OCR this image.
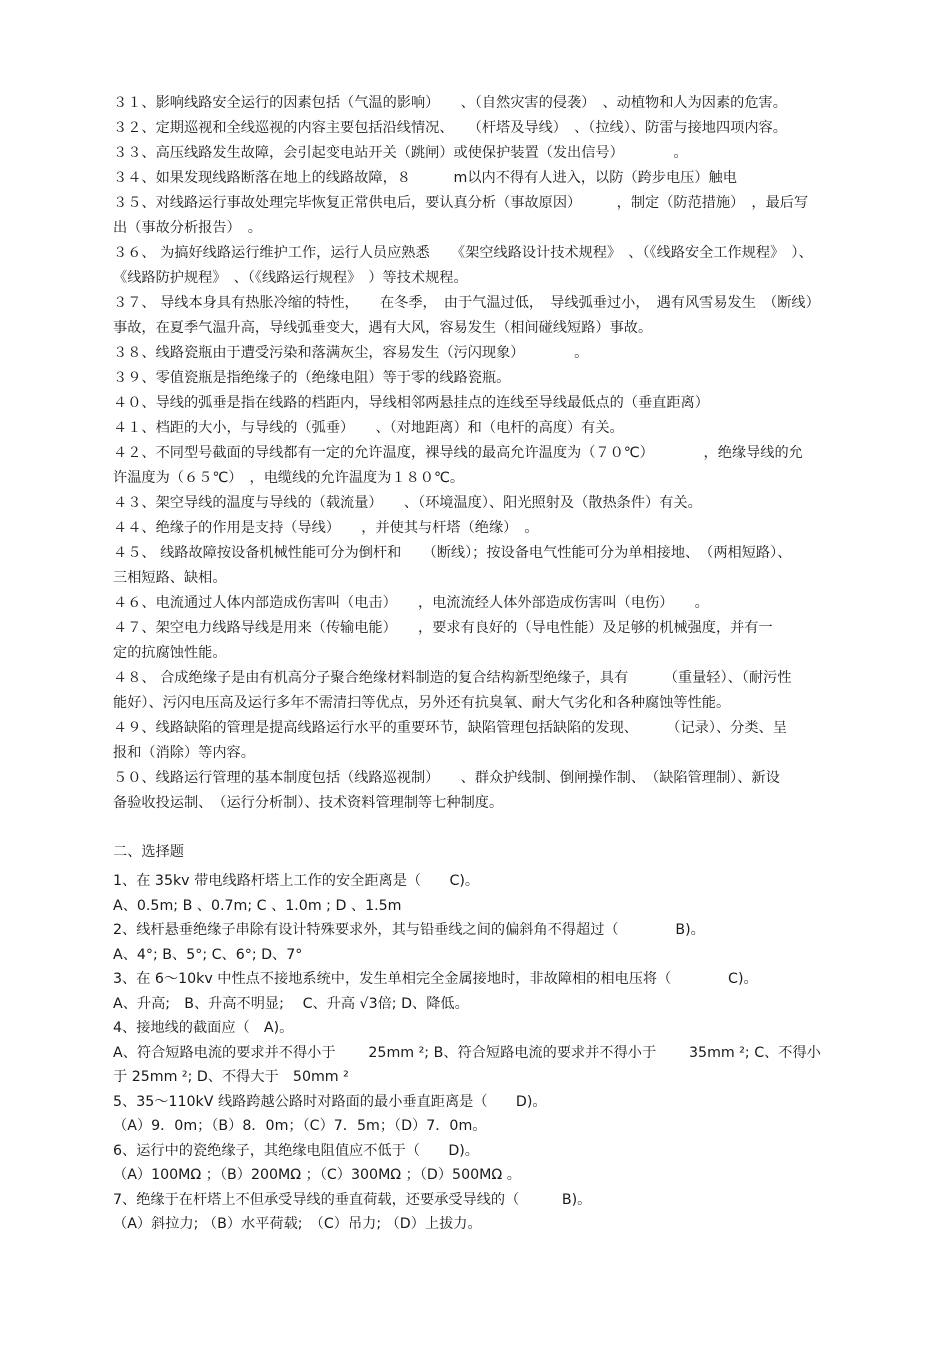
３１、影响线路安全运行的因素包括（气温的影响）　　、（自然灾害的侵袭）　、动植物和人为因素的危害。
３２、定期巡视和全线巡视的内容主要包括沿线情况、　　（杆塔及导线）　、（拉线）、防雷与接地四项内容。
３３、高压线路发生故障，会引起变电站开关（跳闸）或使保护装置（发出信号）　　　　。
３４、如果发现线路断落在地上的线路故障，８　　　m以内不得有人进入，以防（跨步电压）触电
３５、对线路运行事故处理完毕恢复正常供电后，要认真分析（事故原因）　　　，制定（防范措施）　，最后写
出（事故分析报告）　。
３６、 为搞好线路运行维护工作，运行人员应熟悉　　《架空线路设计技术规程》　、（《线路安全工作规程》　）、
《线路防护规程》　、（《线路运行规程》　）等技术规程。
３７、 导线本身具有热胀冷缩的特性，　　在冬季，　由于气温过低，　导线弧垂过小，　遇有风雪易发生　（断线）
事故，在夏季气温升高，导线弧垂变大，遇有大风，容易发生（相间碰线短路）事故。
３８、线路瓷瓶由于遭受污染和落满灰尘，容易发生（污闪现象）　　　　。
３９、零值瓷瓶是指绝缘子的（绝缘电阻）等于零的线路瓷瓶。
４０、导线的弧垂是指在线路的档距内，导线相邻两悬挂点的连线至导线最低点的（垂直距离）
４１、档距的大小，与导线的（弧垂）　　、（对地距离）和（电杆的高度）有关。
４２、不同型号截面的导线都有一定的允许温度，裸导线的最高允许温度为（７０℃）　　　　，绝缘导线的允
许温度为（６５℃）　，电缆线的允许温度为１８０℃。
４３、架空导线的温度与导线的（载流量）　　、（环境温度）、阳光照射及（散热条件）有关。
４４、绝缘子的作用是支持（导线）　　，并使其与杆塔（绝缘）　。
４５、 线路故障按设备机械性能可分为倒杆和　　（断线）；按设备电气性能可分为单相接地、　（两相短路）、
三相短路、缺相。
４６、电流通过人体内部造成伤害叫（电击）　　，电流流经人体外部造成伤害叫（电伤）　　。
４７、架空电力线路导线是用来（传输电能）　　，要求有良好的（导电性能）及足够的机械强度，并有一
定的抗腐蚀性能。
４８、 合成绝缘子是由有机高分子聚合绝缘材料制造的复合结构新型绝缘子，具有　　　（重量轻）、（耐污性
能好）、污闪电压高及运行多年不需清扫等优点，另外还有抗臭氧、耐大气劣化和各种腐蚀等性能。
４９、线路缺陷的管理是提高线路运行水平的重要环节，缺陷管理包括缺陷的发现、　　　（记录）、分类、呈
报和（消除）等内容。
５０、线路运行管理的基本制度包括（线路巡视制）　　、群众护线制、倒闸操作制、　（缺陷管理制）、新设
备验收投运制、　（运行分析制）、技术资料管理制等七种制度。
二、选择题
1、在 35kv 带电线路杆塔上工作的安全距离是（　　C)。
A、0.5m; B 、0.7m; C 、1.0m ; D 、1.5m
2、线杆悬垂绝缘子串除有设计特殊要求外，其与铅垂线之间的偏斜角不得超过（　　　　B)。
A、4°; B、5°; C、6°; D、7°
3、在 6～10kv 中性点不接地系统中，发生单相完全金属接地时，非故障相的相电压将（　　　　C)。
A、升高;　B、升高不明显;　 C、升高 √3倍; D、降低。
4、接地线的截面应（　A)。
A、符合短路电流的要求并不得小于　　 25mm ²; B、符合短路电流的要求并不得小于　　 35mm ²; C、不得小
于 25mm ²; D、不得大于　50mm ²
5、35～110kV 线路跨越公路时对路面的最小垂直距离是（　　D)。
（A）9．0m；（B）8．0m；（C）7．5m；（D）7．0m。
6、运行中的瓷绝缘子，其绝缘电阻值应不低于（　　D)。
（A）100MΩ ；（B）200MΩ ；（C）300MΩ ；（D）500MΩ 。
7、绝缘于在杆塔上不但承受导线的垂直荷载，还要承受导线的（　　　B)。
（A）斜拉力; （B）水平荷载;　（C）吊力; （D）上拔力。
